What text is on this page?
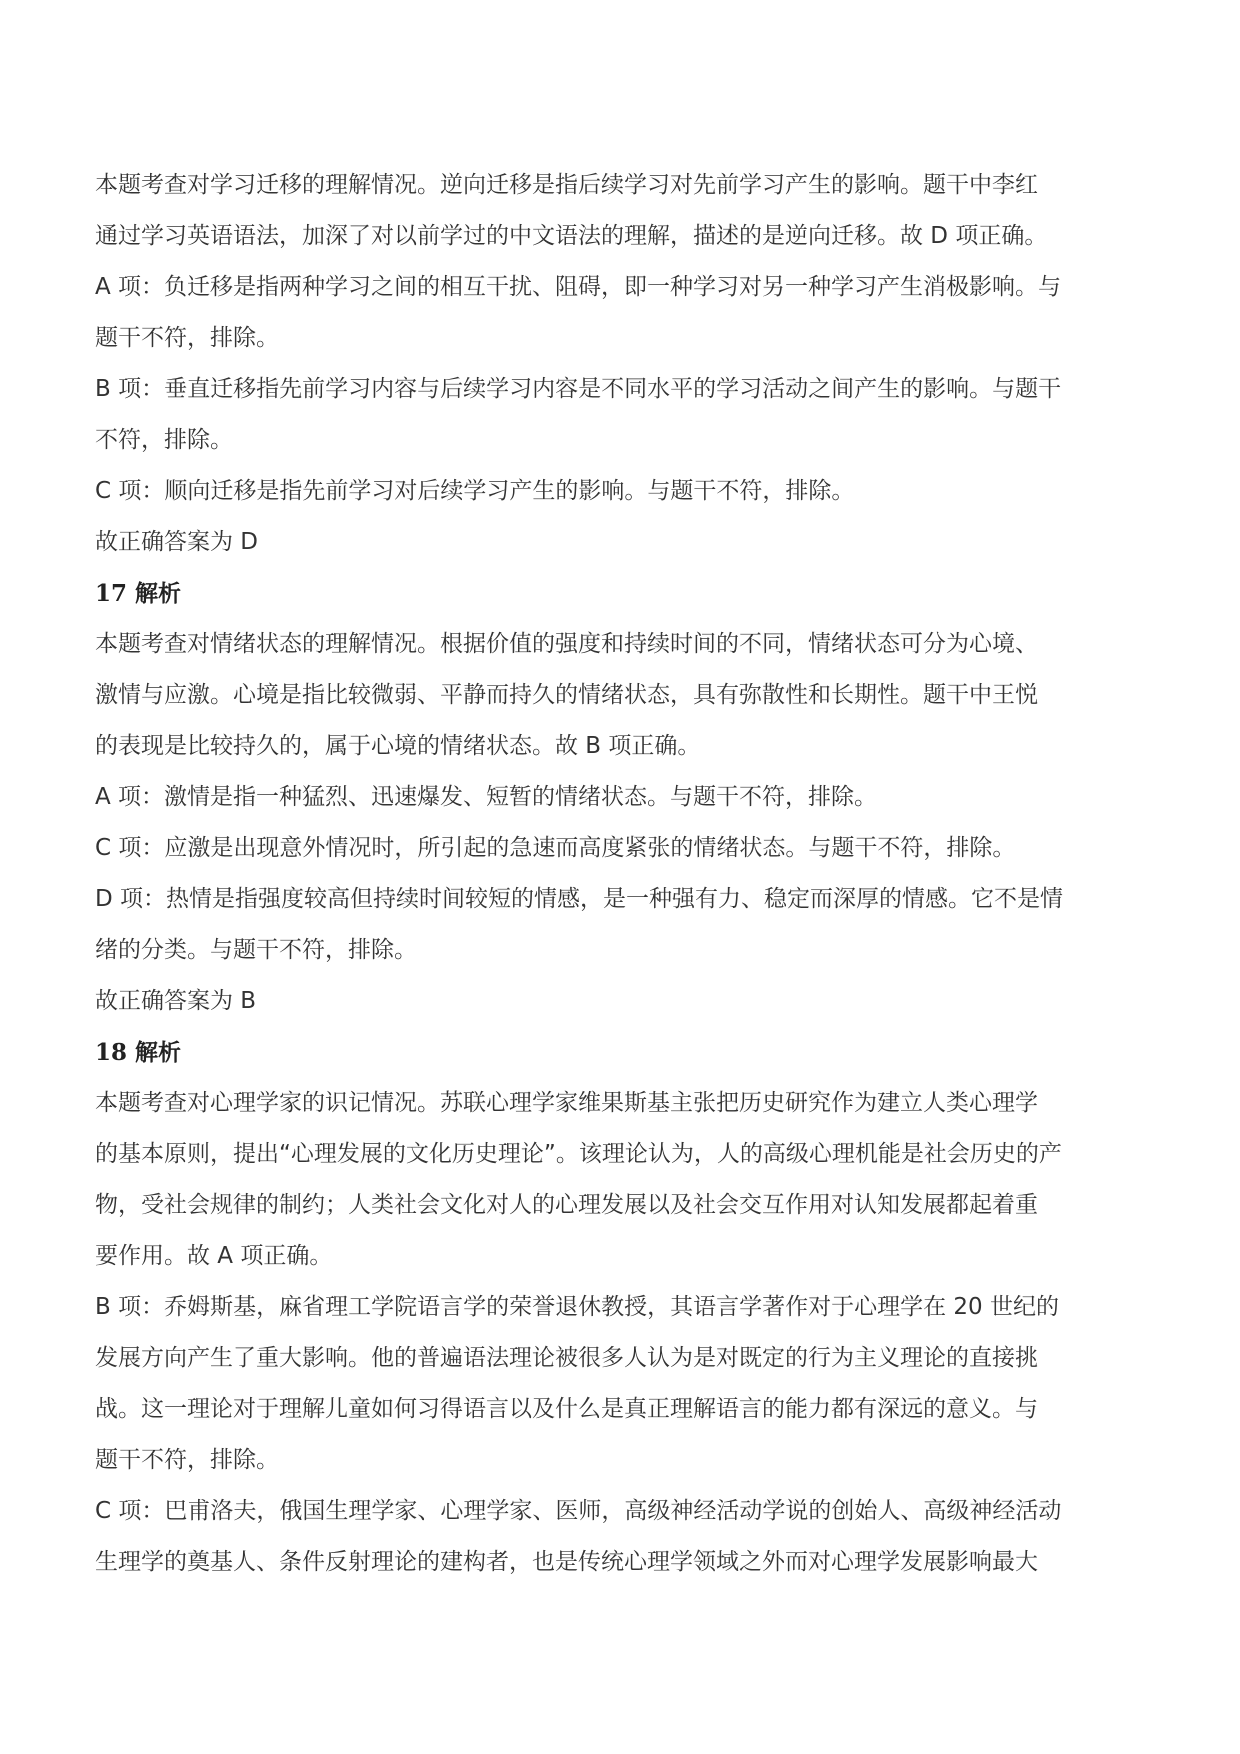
本题考查对学习迁移的理解情况。逆向迁移是指后续学习对先前学习产生的影响。题干中李红

通过学习英语语法，加深了对以前学过的中文语法的理解，描述的是逆向迁移。故 D 项正确。

A 项：负迁移是指两种学习之间的相互干扰、阻碍，即一种学习对另一种学习产生消极影响。与

题干不符，排除。

B 项：垂直迁移指先前学习内容与后续学习内容是不同水平的学习活动之间产生的影响。与题干

不符，排除。

C 项：顺向迁移是指先前学习对后续学习产生的影响。与题干不符，排除。

故正确答案为 D

17 解析

本题考查对情绪状态的理解情况。根据价值的强度和持续时间的不同，情绪状态可分为心境、

激情与应激。心境是指比较微弱、平静而持久的情绪状态，具有弥散性和长期性。题干中王悦

的表现是比较持久的，属于心境的情绪状态。故 B 项正确。

A 项：激情是指一种猛烈、迅速爆发、短暂的情绪状态。与题干不符，排除。

C 项：应激是出现意外情况时，所引起的急速而高度紧张的情绪状态。与题干不符，排除。

D 项：热情是指强度较高但持续时间较短的情感，是一种强有力、稳定而深厚的情感。它不是情

绪的分类。与题干不符，排除。

故正确答案为 B

18 解析

本题考查对心理学家的识记情况。苏联心理学家维果斯基主张把历史研究作为建立人类心理学

的基本原则，提出“心理发展的文化历史理论”。该理论认为，人的高级心理机能是社会历史的产

物，受社会规律的制约；人类社会文化对人的心理发展以及社会交互作用对认知发展都起着重

要作用。故 A 项正确。

B 项：乔姆斯基，麻省理工学院语言学的荣誉退休教授，其语言学著作对于心理学在 20 世纪的

发展方向产生了重大影响。他的普遍语法理论被很多人认为是对既定的行为主义理论的直接挑

战。这一理论对于理解儿童如何习得语言以及什么是真正理解语言的能力都有深远的意义。与

题干不符，排除。

C 项：巴甫洛夫，俄国生理学家、心理学家、医师，高级神经活动学说的创始人、高级神经活动

生理学的奠基人、条件反射理论的建构者，也是传统心理学领域之外而对心理学发展影响最大
